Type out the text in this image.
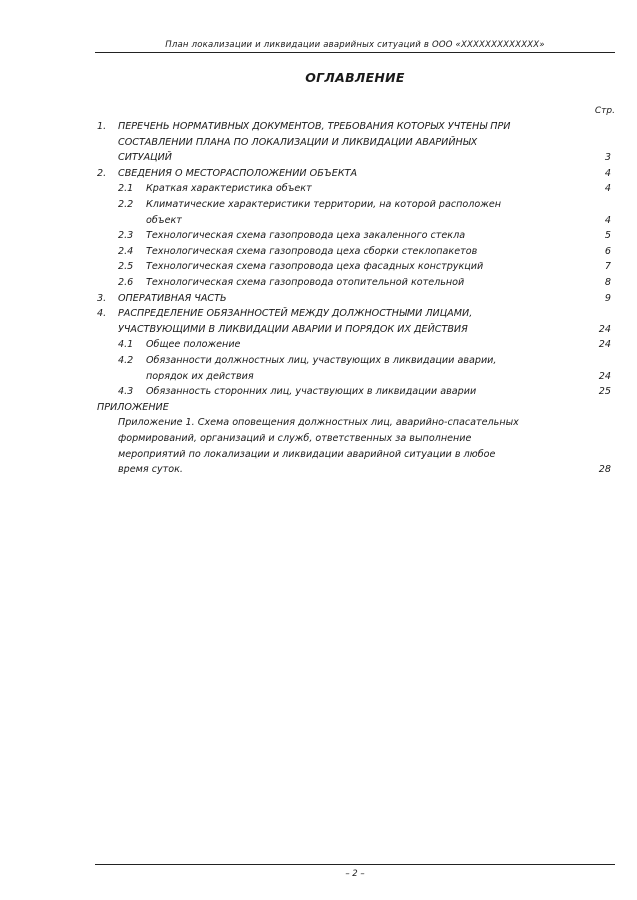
План локализации и ликвидации аварийных ситуаций в ООО «ХХХХХХХХХХХХХ»
ОГЛАВЛЕНИЕ
Стр.
1. ПЕРЕЧЕНЬ НОРМАТИВНЫХ ДОКУМЕНТОВ, ТРЕБОВАНИЯ КОТОРЫХ УЧТЕНЫ ПРИ
СОСТАВЛЕНИИ ПЛАНА ПО ЛОКАЛИЗАЦИИ И ЛИКВИДАЦИИ АВАРИЙНЫХ
СИТУАЦИЙ	3
2. СВЕДЕНИЯ О МЕСТОРАСПОЛОЖЕНИИ ОБЪЕКТА	4
2.1 Краткая характеристика объект	4
2.2 Климатические характеристики территории, на которой расположен
объект	4
2.3 Технологическая схема газопровода цеха закаленного стекла	5
2.4 Технологическая схема газопровода цеха сборки стеклопакетов	6
2.5 Технологическая схема газопровода цеха фасадных конструкций	7
2.6 Технологическая схема газопровода отопительной котельной	8
3. ОПЕРАТИВНАЯ ЧАСТЬ	9
4. РАСПРЕДЕЛЕНИЕ ОБЯЗАННОСТЕЙ МЕЖДУ ДОЛЖНОСТНЫМИ ЛИЦАМИ,
УЧАСТВУЮЩИМИ В ЛИКВИДАЦИИ АВАРИИ И ПОРЯДОК ИХ ДЕЙСТВИЯ	24
4.1 Общее положение	24
4.2 Обязанности должностных лиц, участвующих в ликвидации аварии,
порядок их действия	24
4.3 Обязанность сторонних лиц, участвующих в ликвидации аварии	25
ПРИЛОЖЕНИЕ
Приложение 1. Схема оповещения должностных лиц, аварийно-спасательных
формирований, организаций и служб, ответственных за выполнение
мероприятий по локализации и ликвидации аварийной ситуации в любое
время суток.	28
– 2 –
